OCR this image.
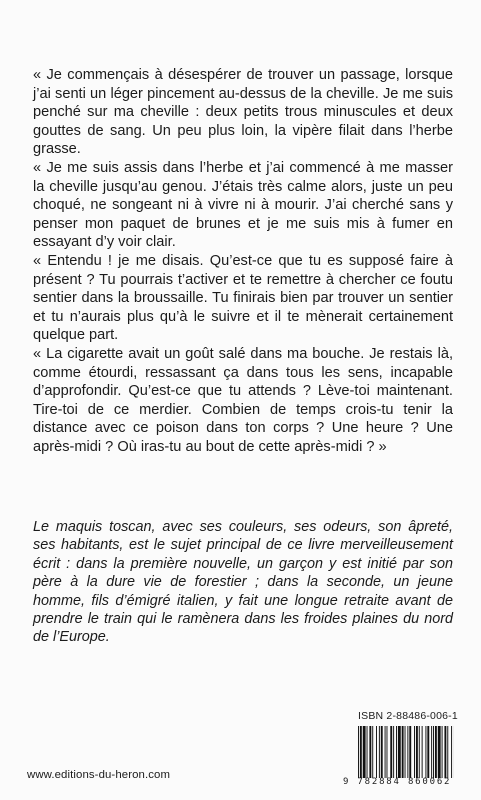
« Je commençais à désespérer de trouver un passage, lorsque j’ai senti un léger pincement au-dessus de la cheville. Je me suis penché sur ma cheville : deux petits trous minuscules et deux gouttes de sang. Un peu plus loin, la vipère filait dans l’herbe grasse.

« Je me suis assis dans l’herbe et j’ai commencé à me masser la cheville jusqu’au genou. J’étais très calme alors, juste un peu choqué, ne songeant ni à vivre ni à mourir. J’ai cherché sans y penser mon paquet de brunes et je me suis mis à fumer en essayant d’y voir clair.

« Entendu ! je me disais. Qu’est-ce que tu es supposé faire à présent ? Tu pourrais t’activer et te remettre à chercher ce foutu sentier dans la broussaille. Tu finirais bien par trouver un sentier et tu n’aurais plus qu’à le suivre et il te mènerait certainement quelque part.

« La cigarette avait un goût salé dans ma bouche. Je restais là, comme étourdi, ressassant ça dans tous les sens, incapable d’approfondir. Qu’est-ce que tu attends ? Lève-toi maintenant. Tire-toi de ce merdier. Combien de temps crois-tu tenir la distance avec ce poison dans ton corps ? Une heure ? Une après-midi ? Où iras-tu au bout de cette après-midi ? »

Le maquis toscan, avec ses couleurs, ses odeurs, son âpreté, ses habitants, est le sujet principal de ce livre merveilleusement écrit : dans la première nouvelle, un garçon y est initié par son père à la dure vie de forestier ; dans la seconde, un jeune homme, fils d’émigré italien, y fait une longue retraite avant de prendre le train qui le ramènera dans les froides plaines du nord de l’Europe.

ISBN 2-88486-006-1
9 782884 860062
www.editions-du-heron.com
